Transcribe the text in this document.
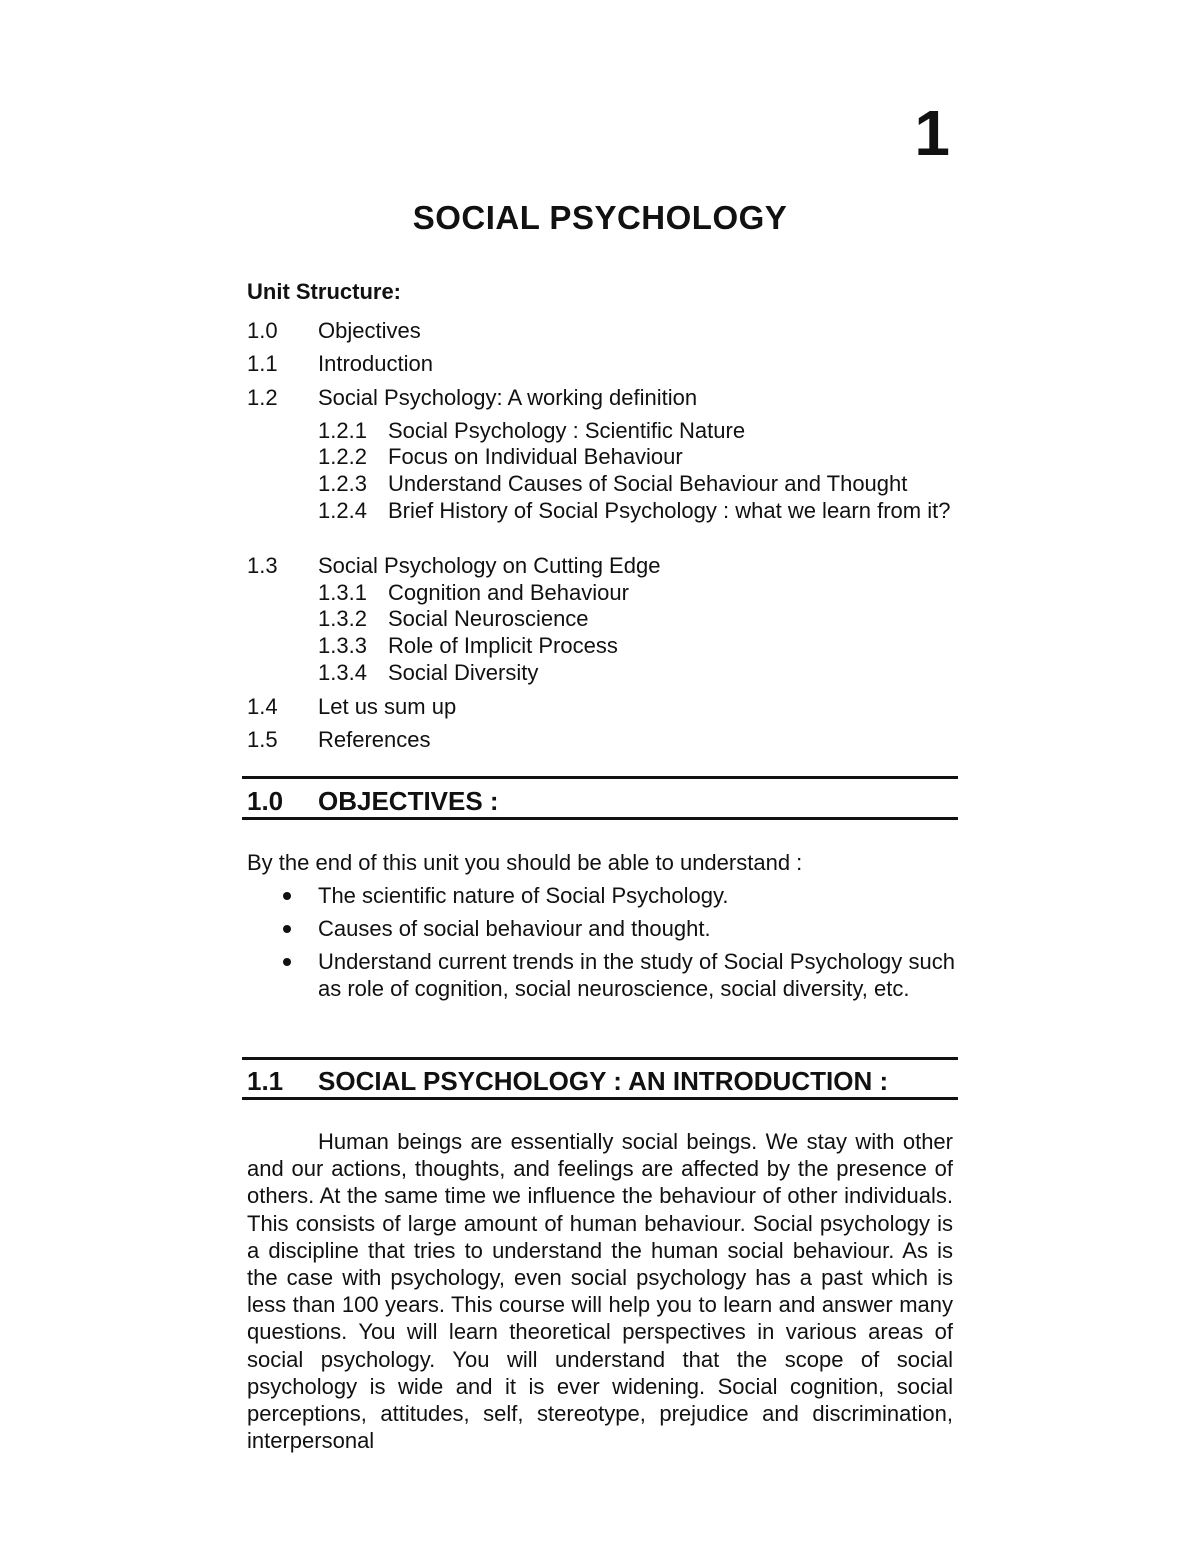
1
SOCIAL PSYCHOLOGY
Unit Structure:
1.0 Objectives
1.1 Introduction
1.2 Social Psychology: A working definition
1.2.1 Social Psychology : Scientific Nature
1.2.2 Focus on Individual Behaviour
1.2.3 Understand Causes of Social Behaviour and Thought
1.2.4 Brief History of Social Psychology : what we learn from it?
1.3 Social Psychology on Cutting Edge
1.3.1 Cognition and Behaviour
1.3.2 Social Neuroscience
1.3.3 Role of Implicit Process
1.3.4 Social Diversity
1.4 Let us sum up
1.5 References
1.0 OBJECTIVES :
By the end of this unit you should be able to understand :
The scientific nature of Social Psychology.
Causes of social behaviour and thought.
Understand current trends in the study of Social Psychology such as role of cognition, social neuroscience, social diversity, etc.
1.1 SOCIAL PSYCHOLOGY : AN INTRODUCTION :
Human beings are essentially social beings. We stay with other and our actions, thoughts, and feelings are affected by the presence of others. At the same time we influence the behaviour of other individuals. This consists of large amount of human behaviour. Social psychology is a discipline that tries to understand the human social behaviour. As is the case with psychology, even social psychology has a past which is less than 100 years. This course will help you to learn and answer many questions. You will learn theoretical perspectives in various areas of social psychology. You will understand that the scope of social psychology is wide and it is ever widening. Social cognition, social perceptions, attitudes, self, stereotype, prejudice and discrimination, interpersonal
